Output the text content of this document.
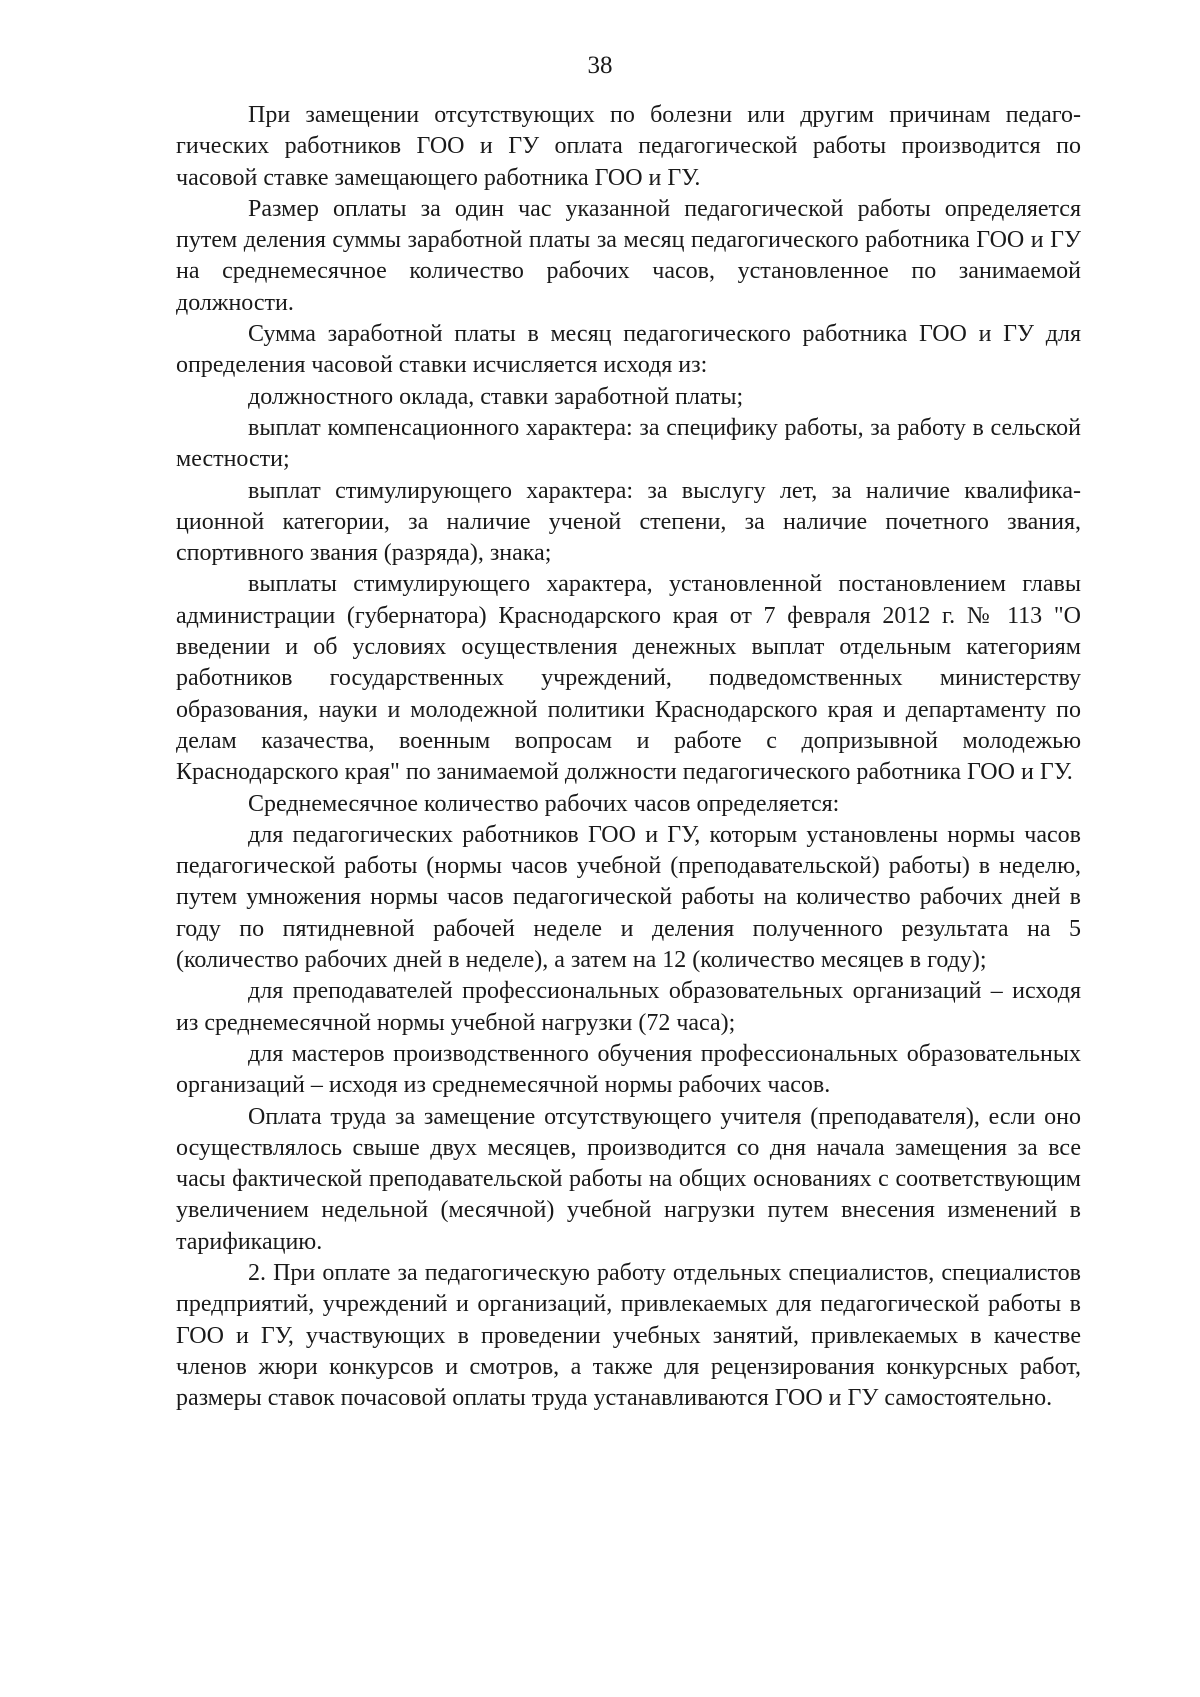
38

При замещении отсутствующих по болезни или другим причинам педагогических работников ГОО и ГУ оплата педагогической работы производится по часовой ставке замещающего работника ГОО и ГУ.

Размер оплаты за один час указанной педагогической работы определяется путем деления суммы заработной платы за месяц педагогического работника ГОО и ГУ на среднемесячное количество рабочих часов, установленное по занимаемой должности.

Сумма заработной платы в месяц педагогического работника ГОО и ГУ для определения часовой ставки исчисляется исходя из:

должностного оклада, ставки заработной платы;

выплат компенсационного характера: за специфику работы, за работу в сельской местности;

выплат стимулирующего характера: за выслугу лет, за наличие квалификационной категории, за наличие ученой степени, за наличие почетного звания, спортивного звания (разряда), знака;

выплаты стимулирующего характера, установленной постановлением главы администрации (губернатора) Краснодарского края от 7 февраля 2012 г. № 113 "О введении и об условиях осуществления денежных выплат отдельным категориям работников государственных учреждений, подведомственных министерству образования, науки и молодежной политики Краснодарского края и департаменту по делам казачества, военным вопросам и работе с допризывной молодежью Краснодарского края" по занимаемой должности педагогического работника ГОО и ГУ.

Среднемесячное количество рабочих часов определяется:

для педагогических работников ГОО и ГУ, которым установлены нормы часов педагогической работы (нормы часов учебной (преподавательской) работы) в неделю, путем умножения нормы часов педагогической работы на количество рабочих дней в году по пятидневной рабочей неделе и деления полученного результата на 5 (количество рабочих дней в неделе), а затем на 12 (количество месяцев в году);

для преподавателей профессиональных образовательных организаций – исходя из среднемесячной нормы учебной нагрузки (72 часа);

для мастеров производственного обучения профессиональных образовательных организаций – исходя из среднемесячной нормы рабочих часов.

Оплата труда за замещение отсутствующего учителя (преподавателя), если оно осуществлялось свыше двух месяцев, производится со дня начала замещения за все часы фактической преподавательской работы на общих основаниях с соответствующим увеличением недельной (месячной) учебной нагрузки путем внесения изменений в тарификацию.

2. При оплате за педагогическую работу отдельных специалистов, специалистов предприятий, учреждений и организаций, привлекаемых для педагогической работы в ГОО и ГУ, участвующих в проведении учебных занятий, привлекаемых в качестве членов жюри конкурсов и смотров, а также для рецензирования конкурсных работ, размеры ставок почасовой оплаты труда устанавливаются ГОО и ГУ самостоятельно.
